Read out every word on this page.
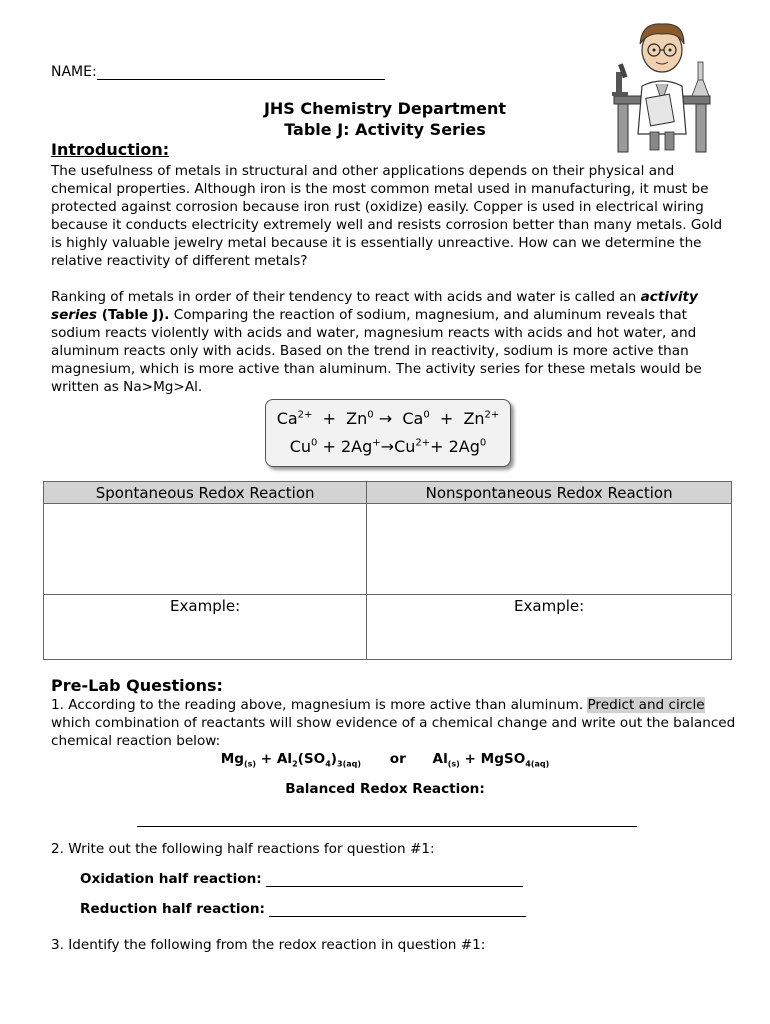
NAME:
JHS Chemistry Department
Table J: Activity Series
Introduction:
The usefulness of metals in structural and other applications depends on their physical and chemical properties. Although iron is the most common metal used in manufacturing, it must be protected against corrosion because iron rust (oxidize) easily. Copper is used in electrical wiring because it conducts electricity extremely well and resists corrosion better than many metals. Gold is highly valuable jewelry metal because it is essentially unreactive. How can we determine the relative reactivity of different metals?
Ranking of metals in order of their tendency to react with acids and water is called an activity series (Table J). Comparing the reaction of sodium, magnesium, and aluminum reveals that sodium reacts violently with acids and water, magnesium reacts with acids and hot water, and aluminum reacts only with acids. Based on the trend in reactivity, sodium is more active than magnesium, which is more active than aluminum. The activity series for these metals would be written as Na>Mg>Al.
$Ca^{2+} + Zn^0 \to Ca^0 + Zn^{2+}$
$Cu^0 + 2Ag^+\to Cu^{2+}+ 2Ag^0$
Spontaneous Redox Reaction	Nonspontaneous Redox Reaction

Example:	Example:
Pre-Lab Questions:
1. According to the reading above, magnesium is more active than aluminum. Predict and circle which combination of reactants will show evidence of a chemical change and write out the balanced chemical reaction below:
$Mg_{(s)} + Al_2(SO_4)_{3(aq)}$ or $Al_{(s)}$ + MgSO$_{4(aq)}$
Balanced Redox Reaction:
2. Write out the following half reactions for question #1:
Oxidation half reaction:
Reduction half reaction:
3. Identify the following from the redox reaction in question #1:
